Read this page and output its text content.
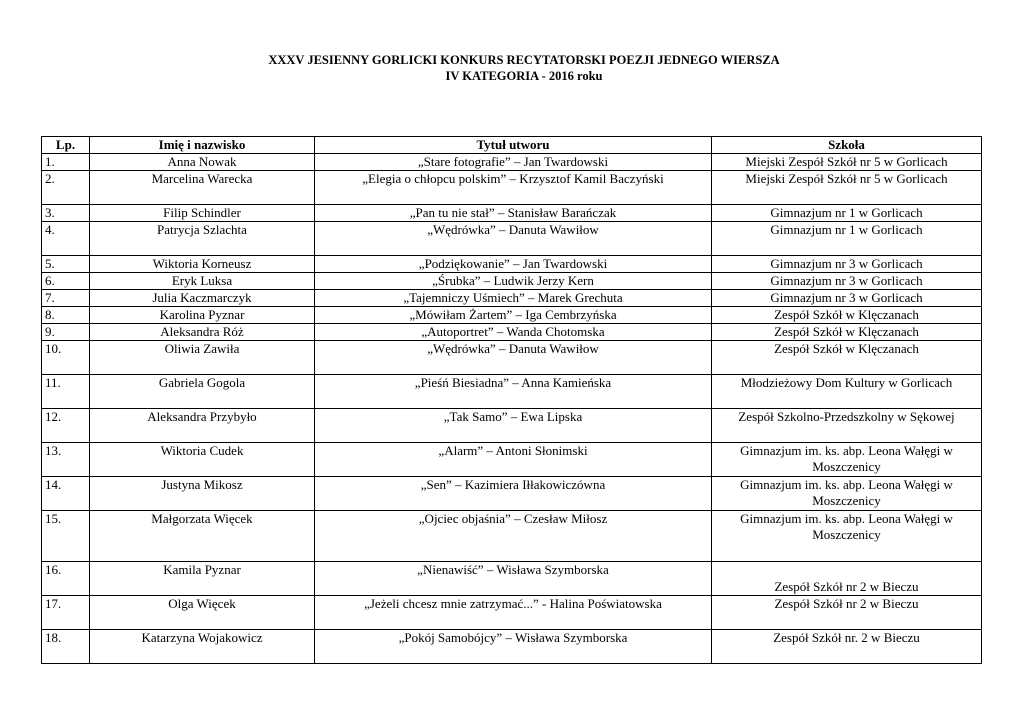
XXXV JESIENNY GORLICKI KONKURS RECYTATORSKI POEZJI JEDNEGO WIERSZA
IV KATEGORIA - 2016 roku
Lp.	Imię i nazwisko	Tytuł utworu	Szkoła
1.	Anna Nowak	„Stare fotografie” – Jan Twardowski	Miejski Zespół Szkół nr 5 w Gorlicach
2.	Marcelina Warecka	„Elegia o chłopcu polskim” – Krzysztof Kamil Baczyński	Miejski Zespół Szkół nr 5 w Gorlicach
3.	Filip Schindler	„Pan tu nie stał” – Stanisław Barańczak	Gimnazjum nr 1 w Gorlicach
4.	Patrycja Szlachta	„Wędrówka” – Danuta Wawiłow	Gimnazjum nr 1 w Gorlicach
5.	Wiktoria Korneusz	„Podziękowanie” – Jan Twardowski	Gimnazjum nr 3 w Gorlicach
6.	Eryk Luksa	„Śrubka” – Ludwik Jerzy Kern	Gimnazjum nr 3 w Gorlicach
7.	Julia Kaczmarczyk	„Tajemniczy Uśmiech” – Marek Grechuta	Gimnazjum nr 3 w Gorlicach
8.	Karolina Pyznar	„Mówiłam Żartem” – Iga Cembrzyńska	Zespół Szkół w Klęczanach
9.	Aleksandra Róż	„Autoportret” – Wanda Chotomska	Zespół Szkół w Klęczanach
10.	Oliwia Zawiła	„Wędrówka” – Danuta Wawiłow	Zespół Szkół w Klęczanach
11.	Gabriela Gogola	„Pieśń Biesiadna” – Anna Kamieńska	Młodzieżowy Dom Kultury w Gorlicach
12.	Aleksandra Przybyło	„Tak Samo” – Ewa Lipska	Zespół Szkolno-Przedszkolny w Sękowej
13.	Wiktoria Cudek	„Alarm” – Antoni Słonimski	Gimnazjum im. ks. abp. Leona Wałęgi w Moszczenicy
14.	Justyna Mikosz	„Sen” – Kazimiera Iłłakowiczówna	Gimnazjum im. ks. abp. Leona Wałęgi w Moszczenicy
15.	Małgorzata Więcek	„Ojciec objaśnia” – Czesław Miłosz	Gimnazjum im. ks. abp. Leona Wałęgi w Moszczenicy
16.	Kamila Pyznar	„Nienawiść” – Wisława Szymborska	Zespół Szkół nr 2 w Bieczu
17.	Olga Więcek	„Jeżeli chcesz mnie zatrzymać...” - Halina Poświatowska	Zespół Szkół nr 2 w Bieczu
18.	Katarzyna Wojakowicz	„Pokój Samobójcy” – Wisława Szymborska	Zespół Szkół nr. 2 w Bieczu
